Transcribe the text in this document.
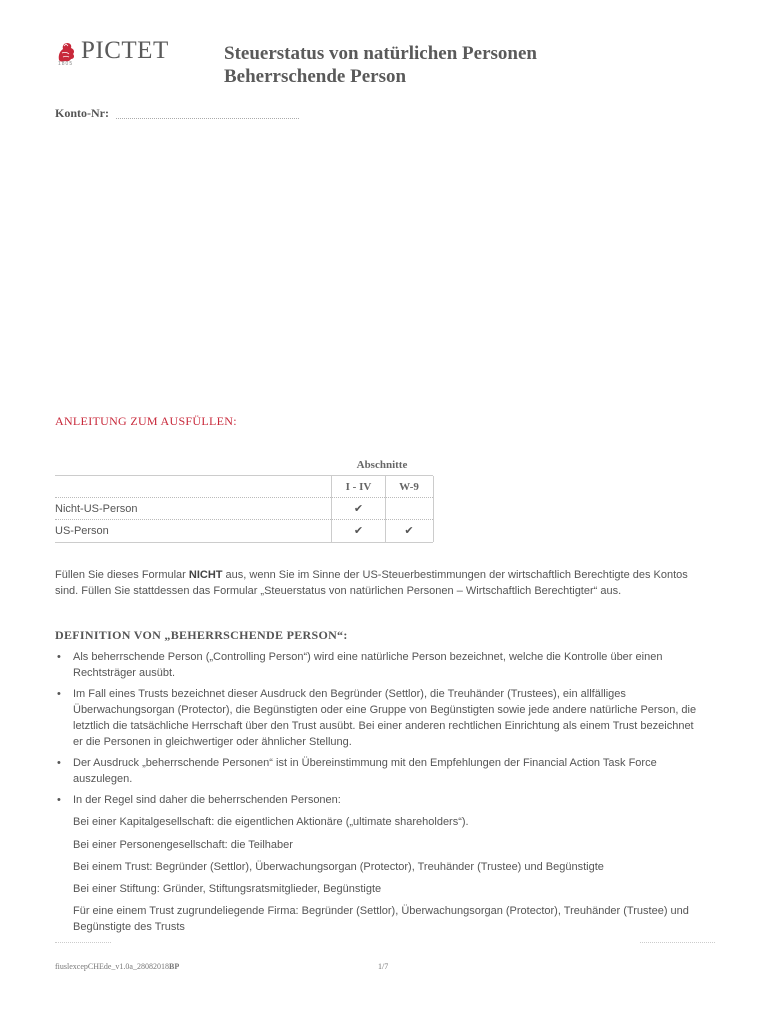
PICTET
1805	Steuerstatus von natürlichen Personen
Beherrschende Person
Konto-Nr:
ANLEITUNG ZUM AUSFÜLLEN:
Abschnitte
I - IV	W-9
Nicht-US-Person	✔
US-Person	✔	✔
Füllen Sie dieses Formular NICHT aus, wenn Sie im Sinne der US-Steuerbestimmungen der wirtschaftlich Berechtigte des Kontos sind. Füllen Sie stattdessen das Formular „Steuerstatus von natürlichen Personen – Wirtschaftlich Berechtigter“ aus.
DEFINITION VON „BEHERRSCHENDE PERSON“:
• Als beherrschende Person („Controlling Person“) wird eine natürliche Person bezeichnet, welche die Kontrolle über einen Rechtsträger ausübt.
• Im Fall eines Trusts bezeichnet dieser Ausdruck den Begründer (Settlor), die Treuhänder (Trustees), ein allfälliges Überwachungsorgan (Protector), die Begünstigten oder eine Gruppe von Begünstigten sowie jede andere natürliche Person, die letztlich die tatsächliche Herrschaft über den Trust ausübt. Bei einer anderen rechtlichen Einrichtung als einem Trust bezeichnet er die Personen in gleichwertiger oder ähnlicher Stellung.
• Der Ausdruck „beherrschende Personen“ ist in Übereinstimmung mit den Empfehlungen der Financial Action Task Force auszulegen.
• In der Regel sind daher die beherrschenden Personen:
Bei einer Kapitalgesellschaft: die eigentlichen Aktionäre („ultimate shareholders“).
Bei einer Personengesellschaft: die Teilhaber
Bei einem Trust: Begründer (Settlor), Überwachungsorgan (Protector), Treuhänder (Trustee) und Begünstigte
Bei einer Stiftung: Gründer, Stiftungsratsmitglieder, Begünstigte
Für eine einem Trust zugrundeliegende Firma: Begründer (Settlor), Überwachungsorgan (Protector), Treuhänder (Trustee) und Begünstigte des Trusts
fiuslexcepCHEde_v1.0a_28082018BP	1/7
